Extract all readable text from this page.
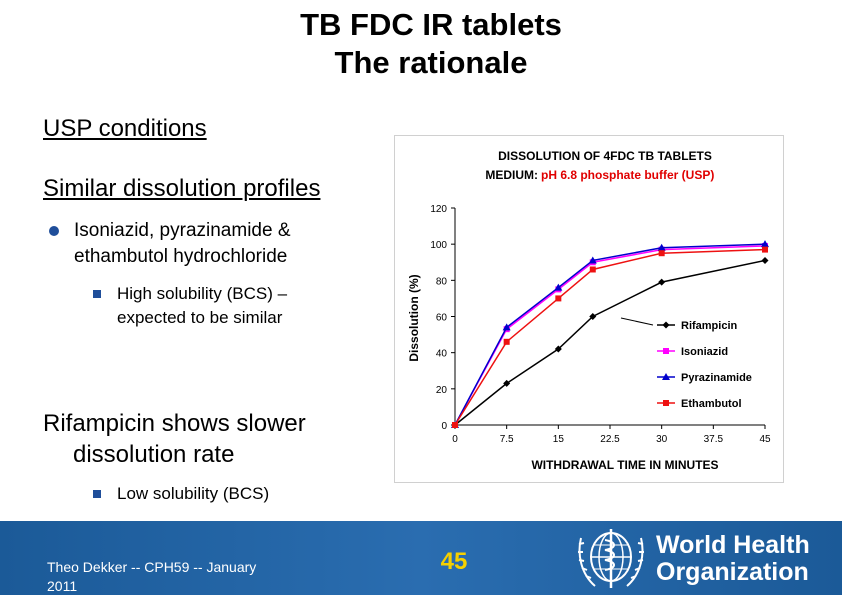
TB FDC IR tablets
The rationale
USP conditions
Similar dissolution profiles
Isoniazid, pyrazinamide &
ethambutol hydrochloride
High solubility (BCS) –
expected to be similar
Rifampicin shows slower
dissolution rate
Low solubility (BCS)
DISSOLUTION OF 4FDC TB TABLETS
MEDIUM: pH 6.8 phosphate buffer (USP)
Dissolution (%)
WITHDRAWAL TIME IN MINUTES
0
20
40
60
80
100
120
0	7.5	15	22.5	30	37.5	45
Rifampicin
Isoniazid
Pyrazinamide
Ethambutol
Theo Dekker -- CPH59 -- January
2011
45
World Health
Organization
